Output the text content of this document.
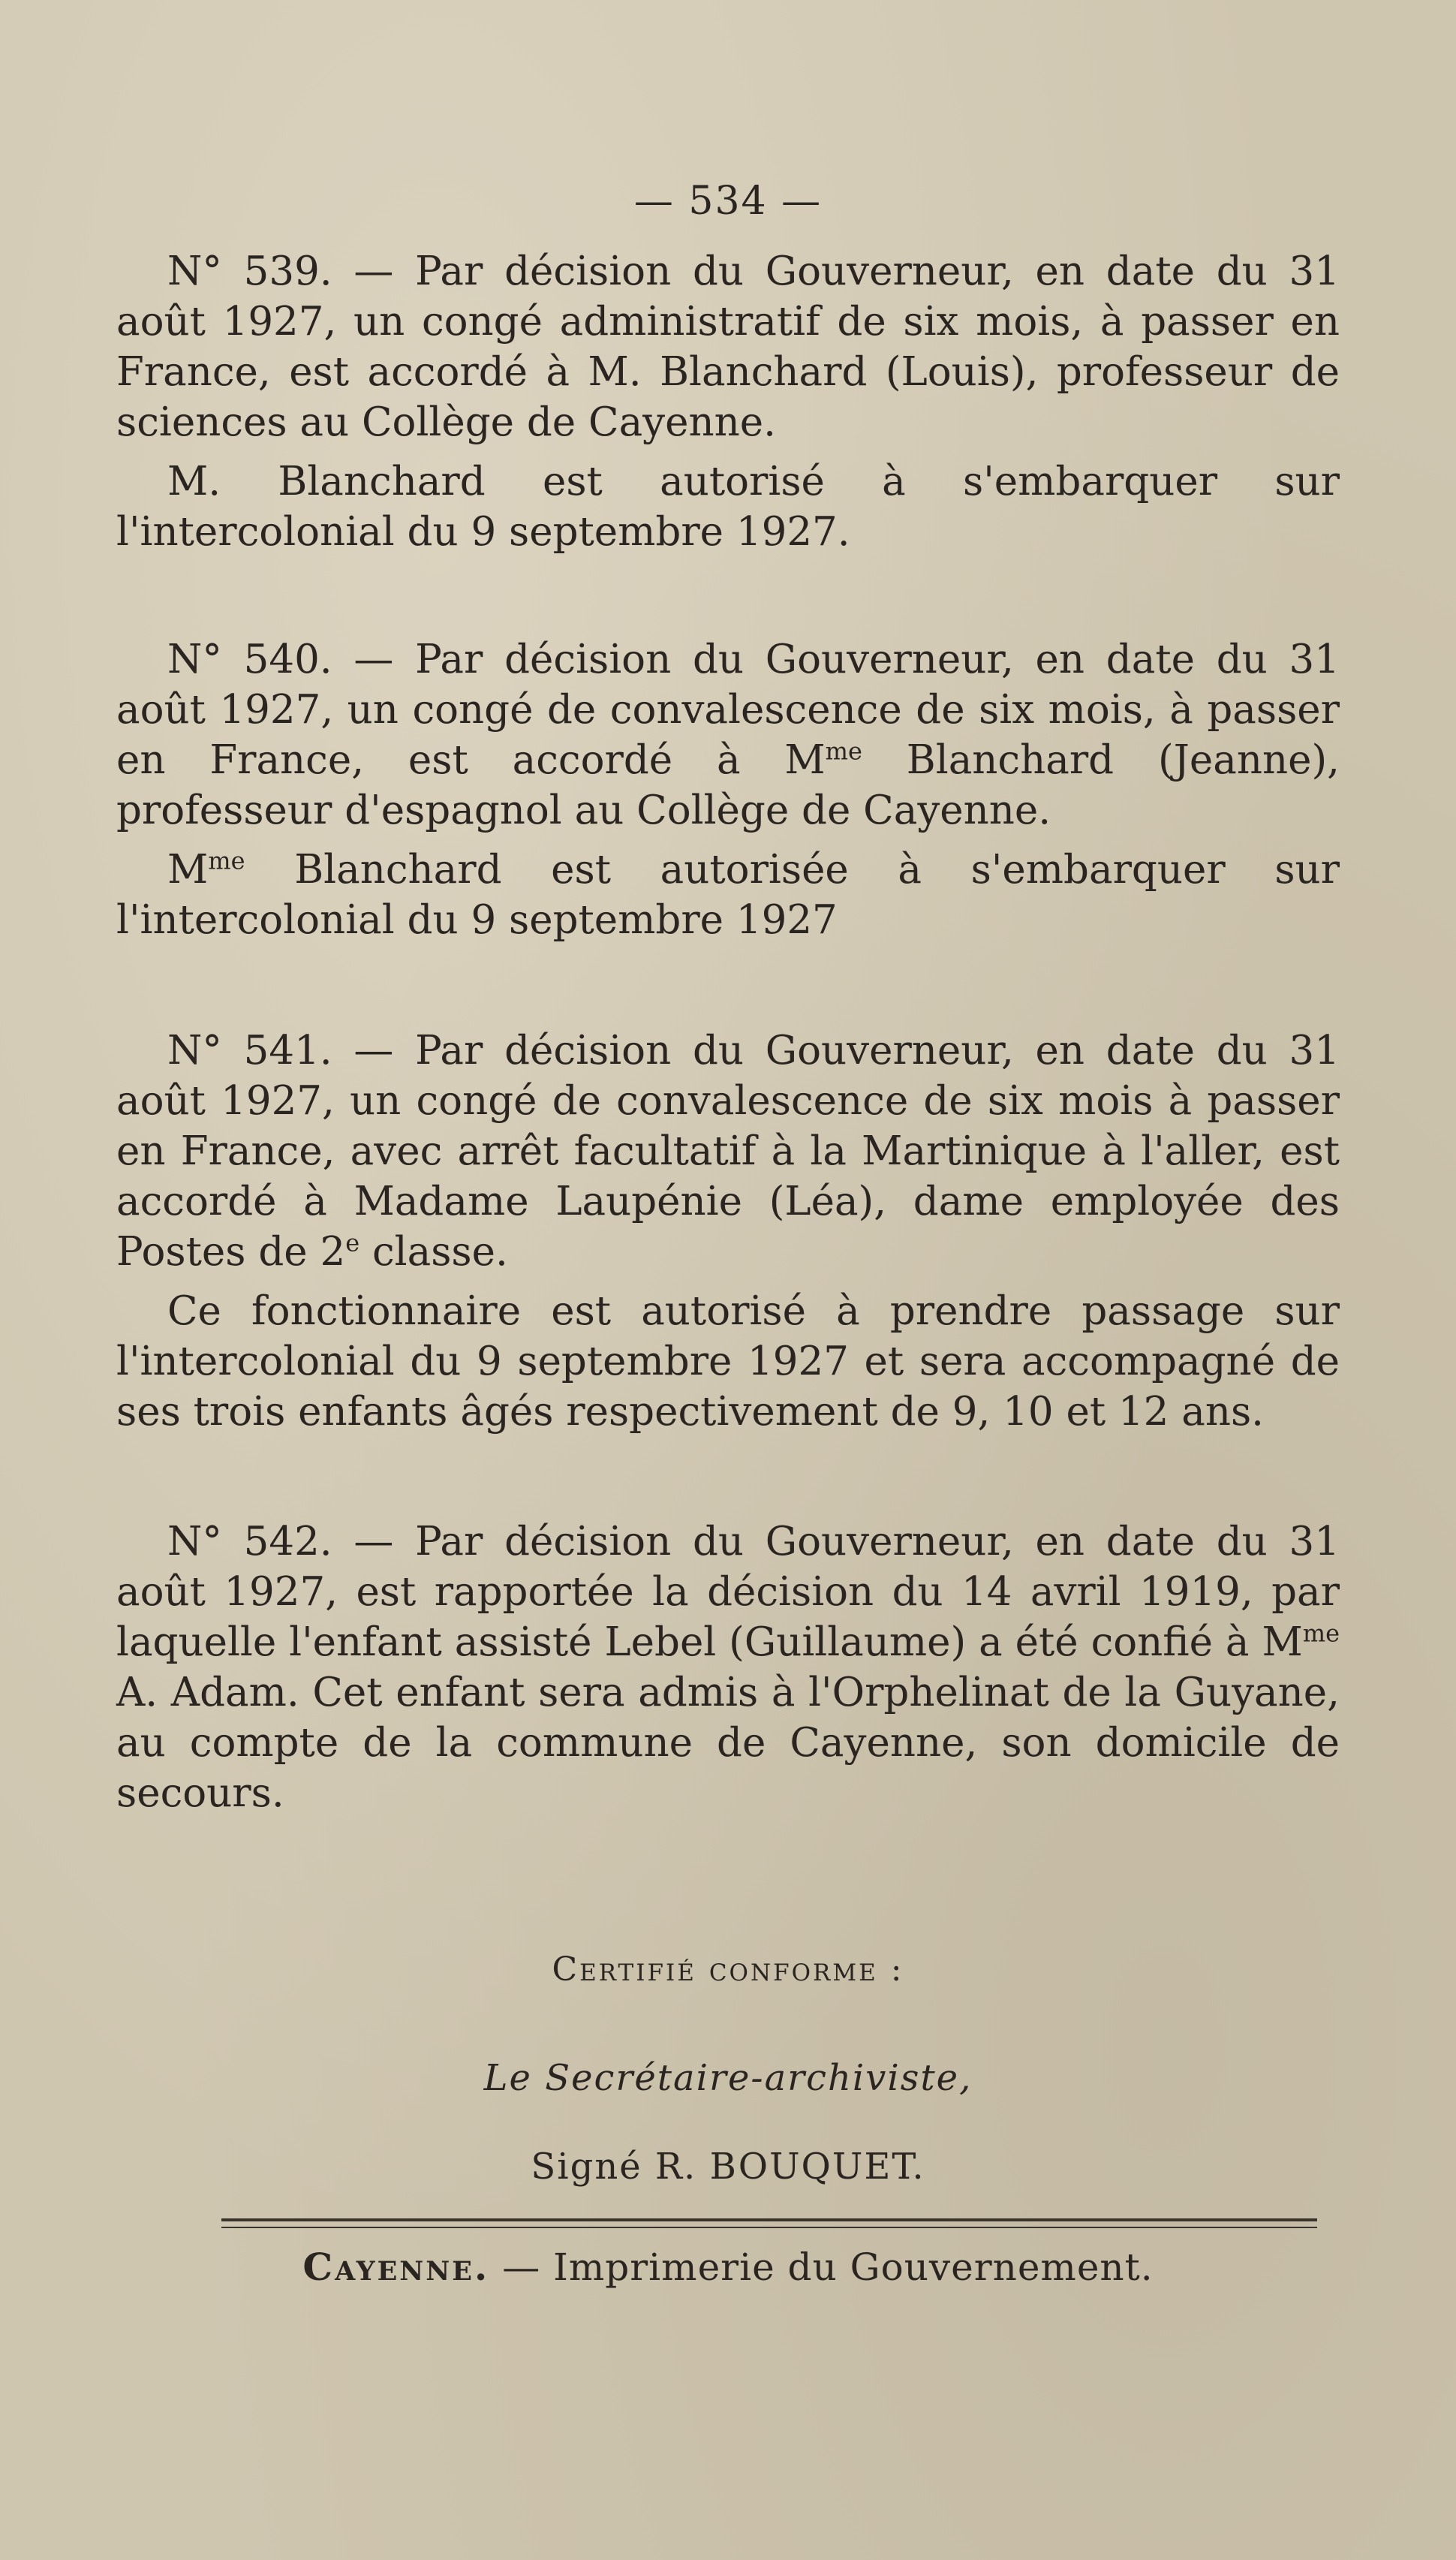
— 534 —

N° 539. — Par décision du Gouverneur, en date du 31 août 1927, un congé administratif de six mois, à passer en France, est accordé à M. Blanchard (Louis), professeur de sciences au Collège de Cayenne.

M. Blanchard est autorisé à s'embarquer sur l'intercolonial du 9 septembre 1927.

N° 540. — Par décision du Gouverneur, en date du 31 août 1927, un congé de convalescence de six mois, à passer en France, est accordé à $M^{me}$ Blanchard (Jeanne), professeur d'espagnol au Collège de Cayenne.

$M^{me}$ Blanchard est autorisée à s'embarquer sur l'intercolonial du 9 septembre 1927

N° 541. — Par décision du Gouverneur, en date du 31 août 1927, un congé de convalescence de six mois à passer en France, avec arrêt facultatif à la Martinique à l'aller, est accordé à Madame Laupénie (Léa), dame employée des Postes de 2e classe.

Ce fonctionnaire est autorisé à prendre passage sur l'intercolonial du 9 septembre 1927 et sera accompagné de ses trois enfants âgés respectivement de 9, 10 et 12 ans.

N° 542. — Par décision du Gouverneur, en date du 31 août 1927, est rapportée la décision du 14 avril 1919, par laquelle l'enfant assisté Lebel (Guillaume) a été confié à $M^{me}$ A. Adam. Cet enfant sera admis à l'Orphelinat de la Guyane, au compte de la commune de Cayenne, son domicile de secours.

Certifié conforme :
Le Secrétaire-archiviste,
Signé R. BOUQUET.
Cayenne. — Imprimerie du Gouvernement.
